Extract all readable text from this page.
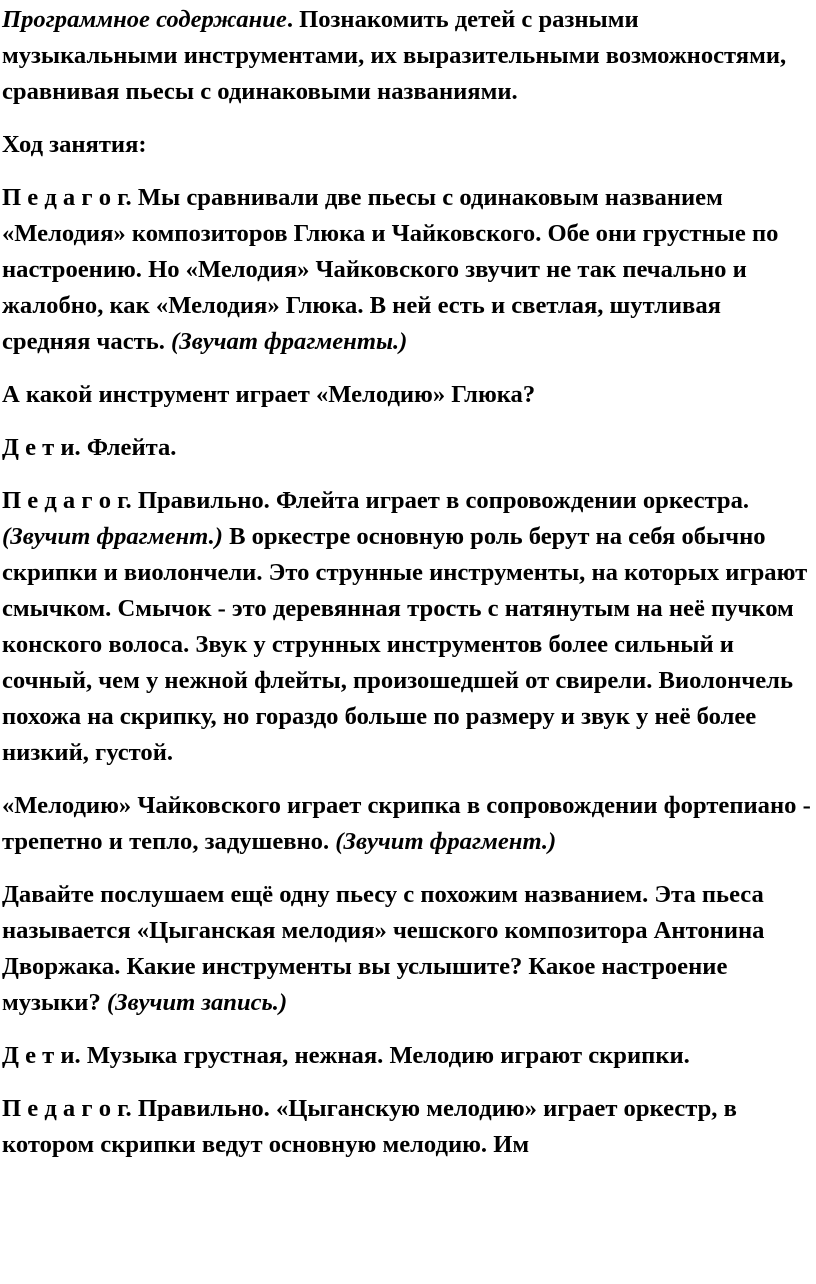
Программное содержание. Познакомить детей с разными музыкальными инструментами, их выразительными возможностями, сравнивая пьесы с одинаковыми названиями.

Ход занятия:

П е д а г о г. Мы сравнивали две пьесы с одинаковым названием «Мелодия» композиторов Глюка и Чайковского. Обе они грустные по настроению. Но «Мелодия» Чайковского звучит не так печально и жалобно, как «Мелодия» Глюка. В ней есть и светлая, шутливая средняя часть. (Звучат фрагменты.)

А какой инструмент играет «Мелодию» Глюка?

Д е т и. Флейта.

П е д а г о г. Правильно. Флейта играет в сопровождении оркестра. (Звучит фрагмент.) В оркестре основную роль берут на себя обычно скрипки и виолончели. Это струнные инструменты, на которых играют смычком. Смычок - это деревянная трость с натянутым на неё пучком конского волоса. Звук у струнных инструментов более сильный и сочный, чем у нежной флейты, произошедшей от свирели. Виолончель похожа на скрипку, но гораздо больше по размеру и звук у неё более низкий, густой.

«Мелодию» Чайковского играет скрипка в сопровождении фортепиано - трепетно и тепло, задушевно. (Звучит фрагмент.)

Давайте послушаем ещё одну пьесу с похожим названием. Эта пьеса называется «Цыганская мелодия» чешского композитора Антонина Дворжака. Какие инструменты вы услышите? Какое настроение музыки? (Звучит запись.)

Д е т и. Музыка грустная, нежная. Мелодию играют скрипки.

П е д а г о г. Правильно. «Цыганскую мелодию» играет оркестр, в котором скрипки ведут основную мелодию. Им
